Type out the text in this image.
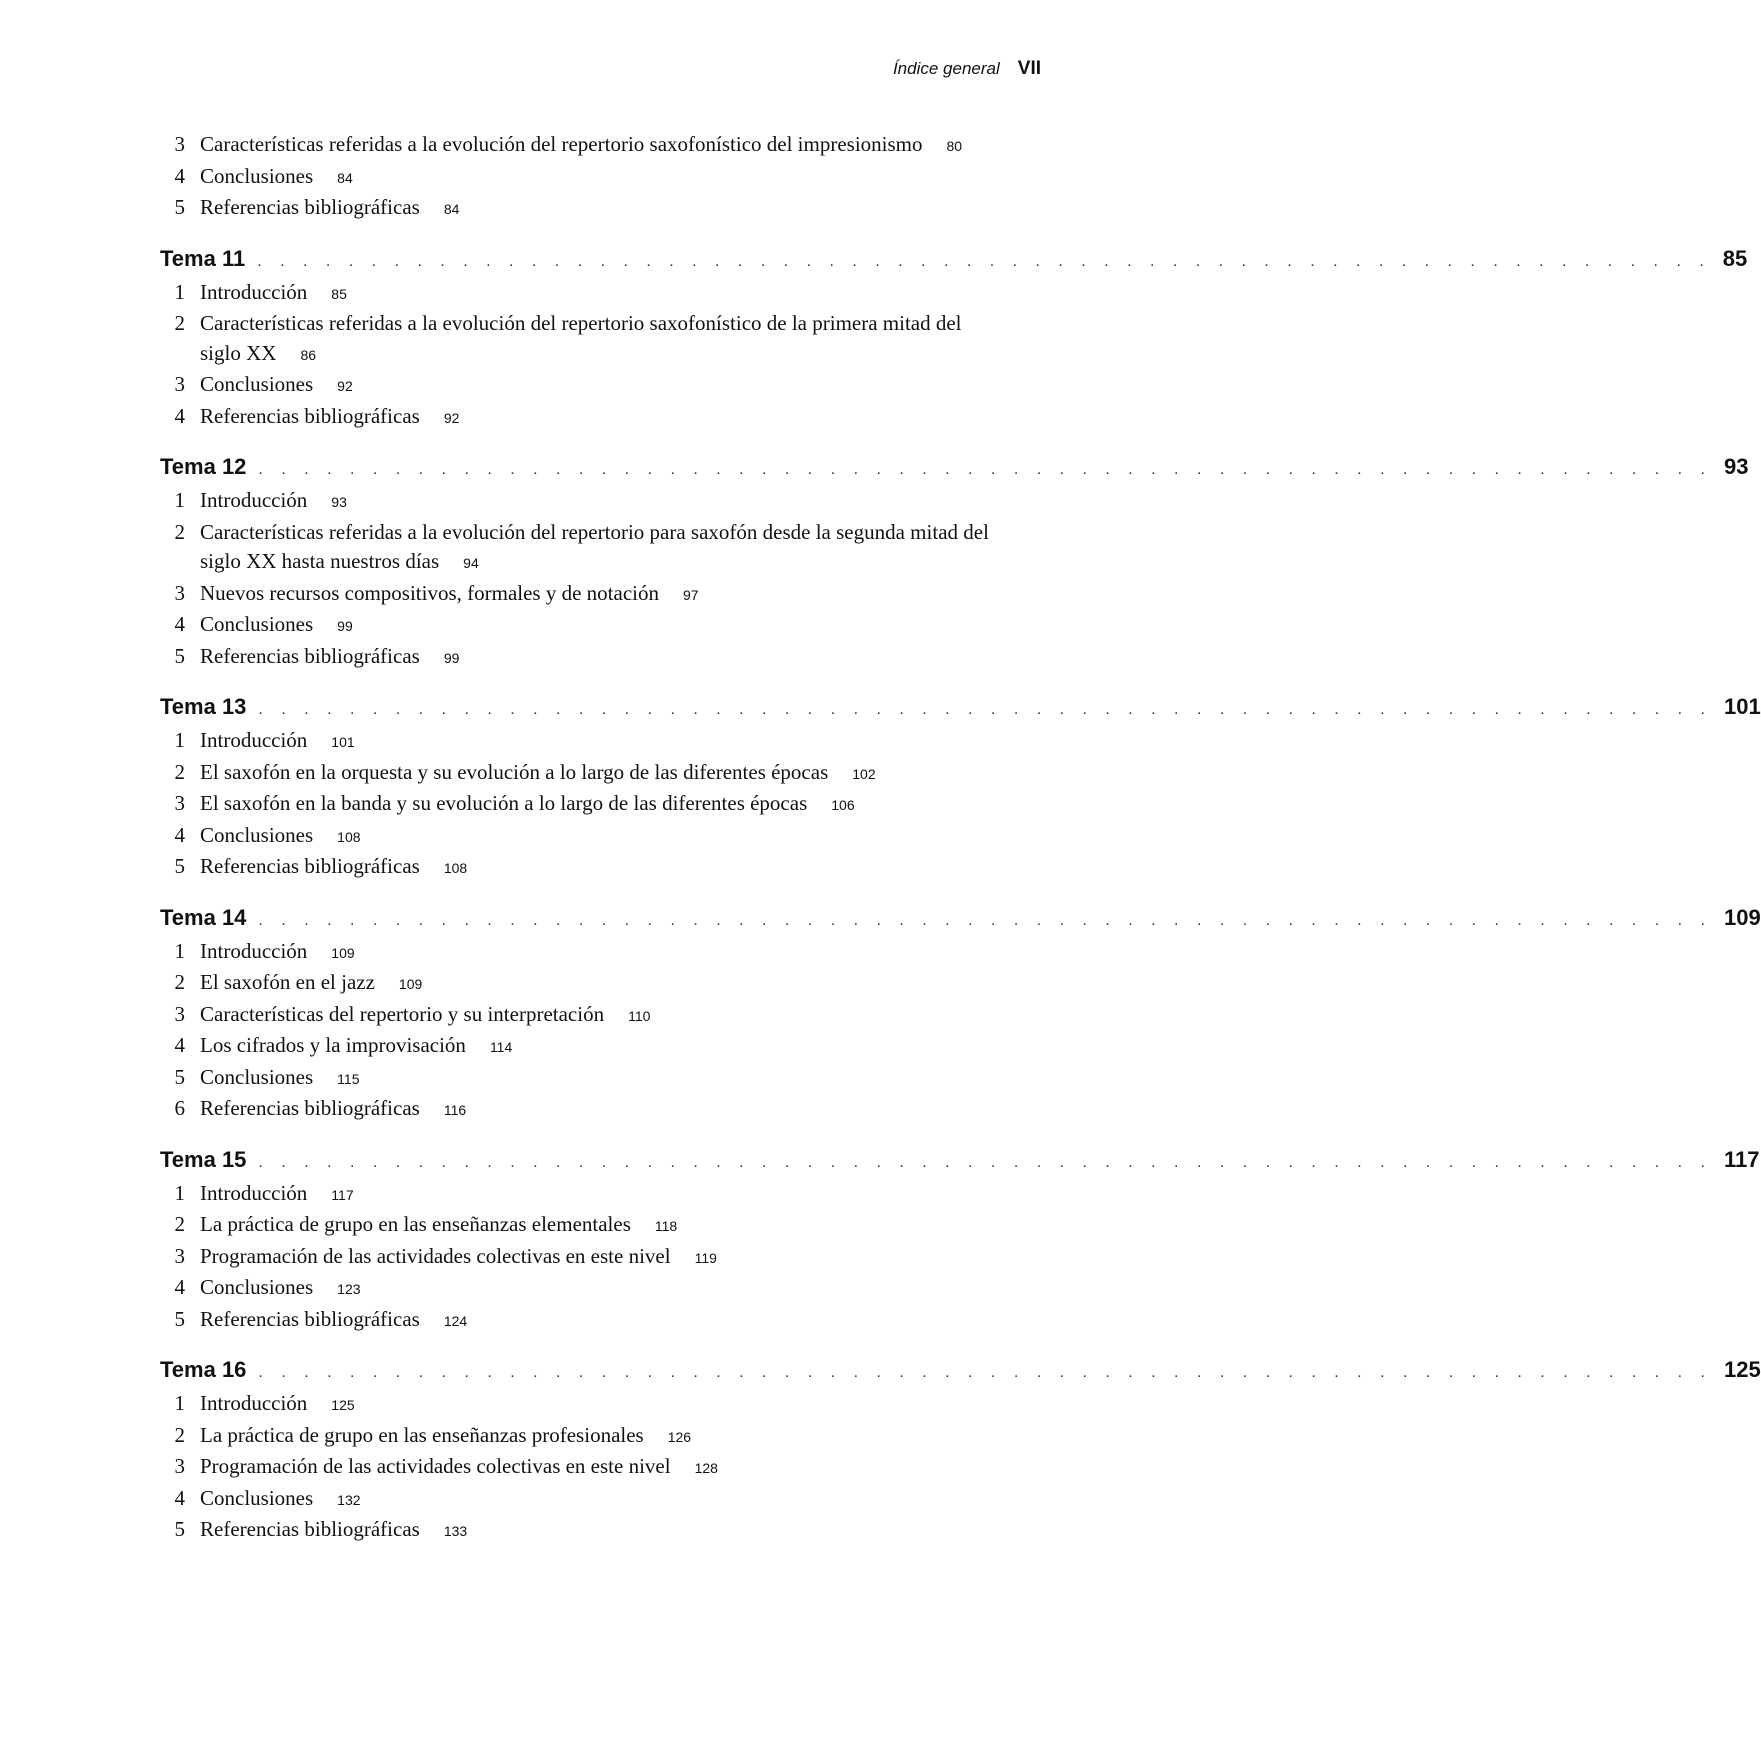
Índice general VII
3 Características referidas a la evolución del repertorio saxofonístico del impresionismo 80
4 Conclusiones 84
5 Referencias bibliográficas 84
Tema 11 . . . . . . . . . . . . . . . . . . . . . . . . . . . . . . . . . . . . . . . . . . . . . . . . . . . . . . . . . . . . . . . . 85
1 Introducción 85
2 Características referidas a la evolución del repertorio saxofonístico de la primera mitad del siglo XX 86
3 Conclusiones 92
4 Referencias bibliográficas 92
Tema 12 . . . . . . . . . . . . . . . . . . . . . . . . . . . . . . . . . . . . . . . . . . . . . . . . . . . . . . . . . . . . . . . . 93
1 Introducción 93
2 Características referidas a la evolución del repertorio para saxofón desde la segunda mitad del siglo XX hasta nuestros días 94
3 Nuevos recursos compositivos, formales y de notación 97
4 Conclusiones 99
5 Referencias bibliográficas 99
Tema 13 . . . . . . . . . . . . . . . . . . . . . . . . . . . . . . . . . . . . . . . . . . . . . . . . . . . . . . . . . . . . . . . . 101
1 Introducción 101
2 El saxofón en la orquesta y su evolución a lo largo de las diferentes épocas 102
3 El saxofón en la banda y su evolución a lo largo de las diferentes épocas 106
4 Conclusiones 108
5 Referencias bibliográficas 108
Tema 14 . . . . . . . . . . . . . . . . . . . . . . . . . . . . . . . . . . . . . . . . . . . . . . . . . . . . . . . . . . . . . . . . 109
1 Introducción 109
2 El saxofón en el jazz 109
3 Características del repertorio y su interpretación 110
4 Los cifrados y la improvisación 114
5 Conclusiones 115
6 Referencias bibliográficas 116
Tema 15 . . . . . . . . . . . . . . . . . . . . . . . . . . . . . . . . . . . . . . . . . . . . . . . . . . . . . . . . . . . . . . . . 117
1 Introducción 117
2 La práctica de grupo en las enseñanzas elementales 118
3 Programación de las actividades colectivas en este nivel 119
4 Conclusiones 123
5 Referencias bibliográficas 124
Tema 16 . . . . . . . . . . . . . . . . . . . . . . . . . . . . . . . . . . . . . . . . . . . . . . . . . . . . . . . . . . . . . . . . 125
1 Introducción 125
2 La práctica de grupo en las enseñanzas profesionales 126
3 Programación de las actividades colectivas en este nivel 128
4 Conclusiones 132
5 Referencias bibliográficas 133
